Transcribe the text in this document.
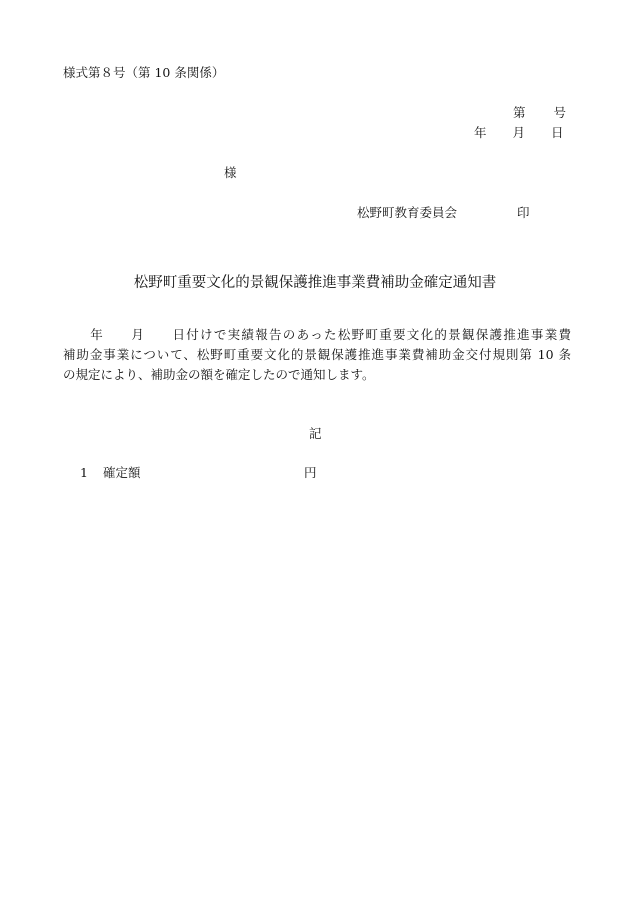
様式第８号（第 10 条関係）
第 号
年 月 日
様
松野町教育委員会	印
松野町重要文化的景観保護推進事業費補助金確定通知書
年 月 日付けで実績報告のあった松野町重要文化的景観保護推進事業費
補助金事業について、松野町重要文化的景観保護推進事業費補助金交付規則第 10 条
の規定により、補助金の額を確定したので通知します。
記
1 確定額	円
